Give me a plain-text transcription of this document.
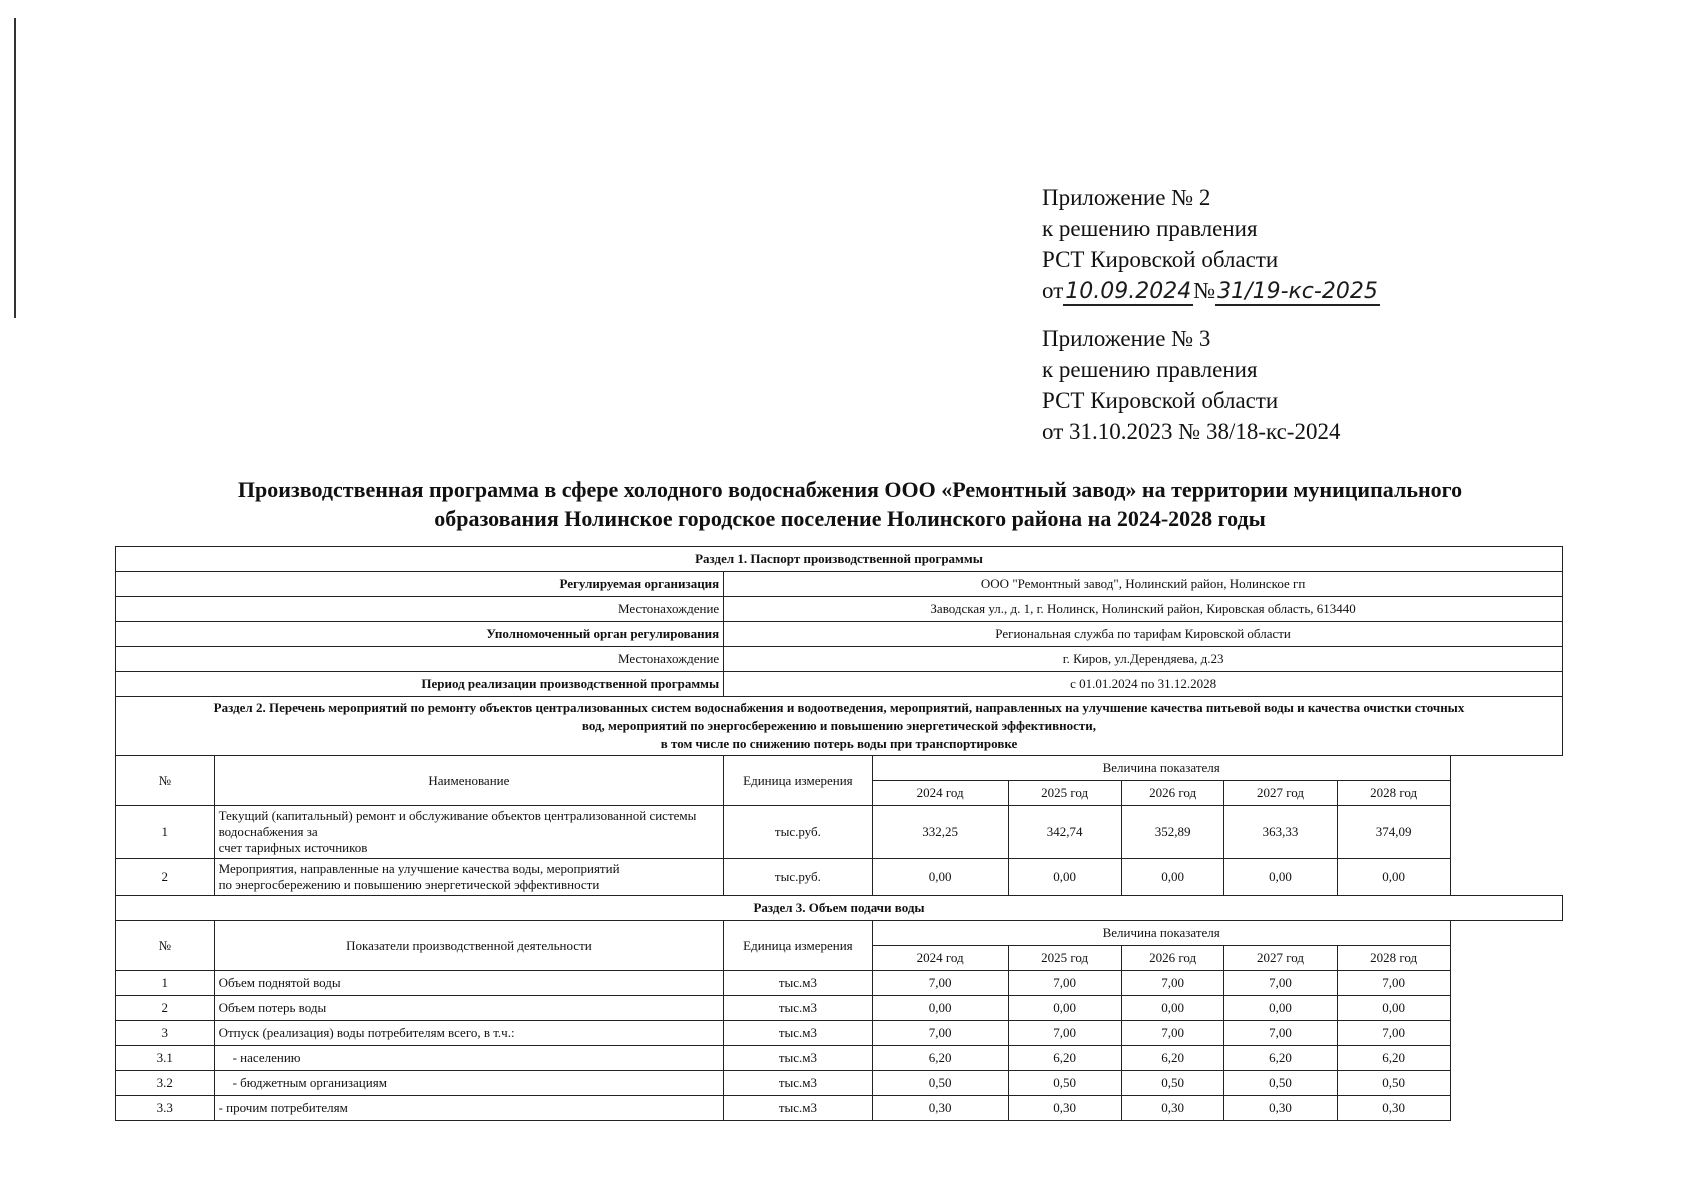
Приложение № 2
к решению правления
РСТ Кировской области
от10.09.2024№31/19-кс-2025
Приложение № 3
к решению правления
РСТ Кировской области
от 31.10.2023 № 38/18-кс-2024
Производственная программа в сфере холодного водоснабжения ООО «Ремонтный завод» на территории муниципального
образования Нолинское городское поселение Нолинского района на 2024-2028 годы
Раздел 1. Паспорт производственной программы							
Регулируемая организация		ООО "Ремонтный завод", Нолинский район, Нолинское гп					
Местонахождение		Заводская ул., д. 1, г. Нолинск, Нолинский район, Кировская область, 613440					
Уполномоченный орган регулирования		Региональная служба по тарифам Кировской области					
Местонахождение		г. Киров, ул.Дерендяева, д.23					
Период реализации производственной программы		с 01.01.2024 по 31.12.2028					

Раздел 2. Перечень мероприятий по ремонту объектов централизованных систем водоснабжения и водоотведения, мероприятий, направленных на улучшение качества питьевой воды и качества очистки сточных
вод, мероприятий по энергосбережению и повышению энергетической эффективности,
в том числе по снижению потерь воды при транспортировке							

№	Наименование	Единица измерения	Величина показателя			
			2024 год	2025 год	2026 год	2027 год	2028 год
1	Текущий (капитальный) ремонт и обслуживание объектов централизованной системы водоснабжения за
счет тарифных источников	тыс.руб.	332,25	342,74	352,89	363,33	374,09
2	Мероприятия, направленные на улучшение качества воды, мероприятий
по энергосбережению и повышению энергетической эффективности	тыс.руб.	0,00	0,00	0,00	0,00	0,00
Раздел 3. Объем подачи воды							
№	Показатели производственной деятельности	Единица измерения	Величина показателя			
			2024 год	2025 год	2026 год	2027 год	2028 год
1	Объем поднятой воды	тыс.м3	7,00	7,00	7,00	7,00	7,00
2	Объем потерь воды	тыс.м3	0,00	0,00	0,00	0,00	0,00
3	Отпуск (реализация) воды потребителям всего, в т.ч.:	тыс.м3	7,00	7,00	7,00	7,00	7,00
3.1	- населению	тыс.м3	6,20	6,20	6,20	6,20	6,20
3.2	- бюджетным организациям	тыс.м3	0,50	0,50	0,50	0,50	0,50
3.3	- прочим потребителям	тыс.м3	0,30	0,30	0,30	0,30	0,30
